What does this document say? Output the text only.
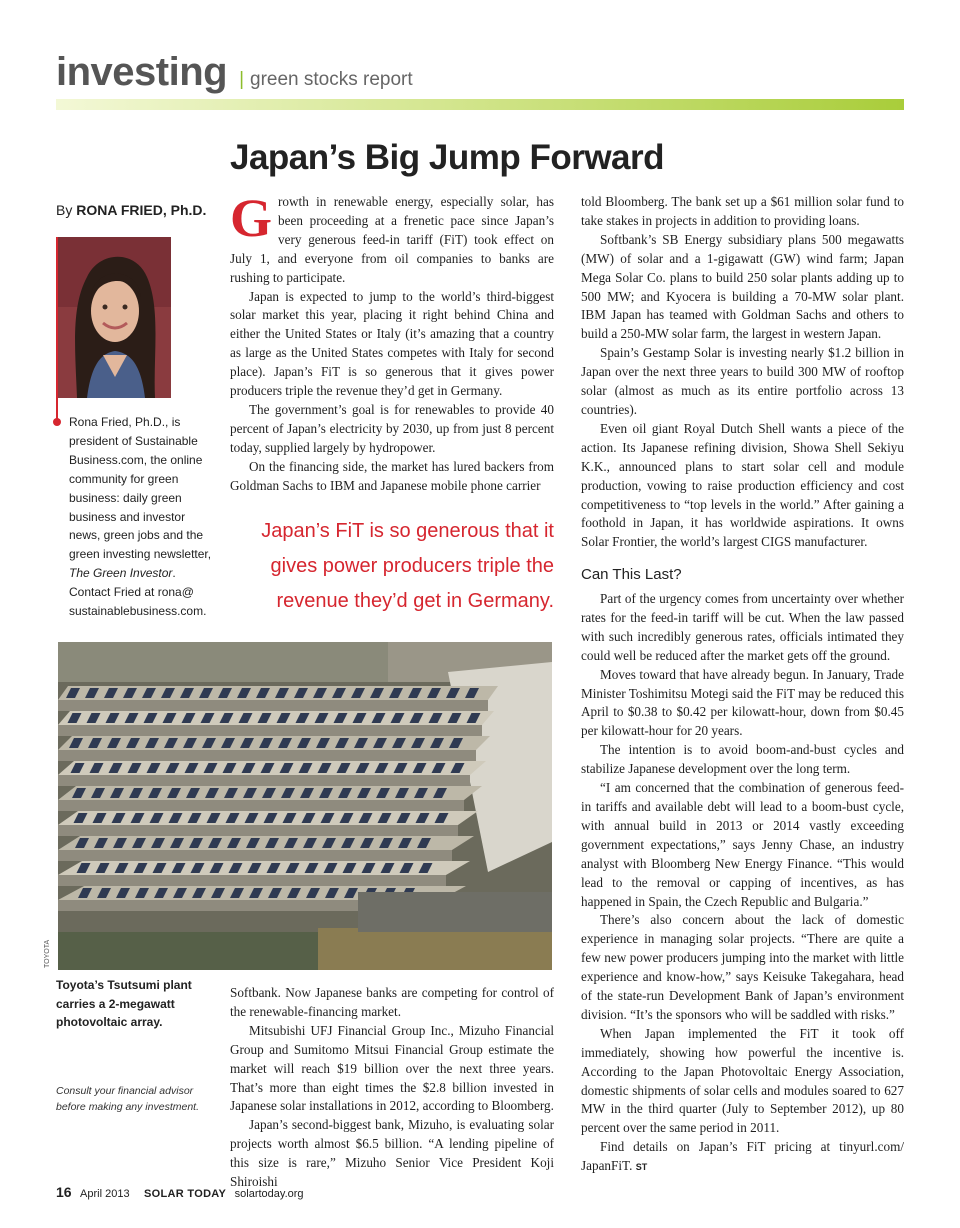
investing | green stocks report
Japan’s Big Jump Forward
By RONA FRIED, Ph.D.

Rona Fried, Ph.D., is president of Sustainable Business.com, the online community for green business: daily green business and investor news, green jobs and the green investing newsletter, The Green Investor. Contact Fried at rona@ sustainablebusiness.com.

Growth in renewable energy, especially solar, has been proceeding at a frenetic pace since Japan’s very generous feed-in tariff (FiT) took effect on July 1, and everyone from oil companies to banks are rushing to participate.

Japan is expected to jump to the world’s third-biggest solar market this year, placing it right behind China and either the United States or Italy (it’s amazing that a country as large as the United States competes with Italy for second place). Japan’s FiT is so generous that it gives power producers triple the revenue they’d get in Germany.

The government’s goal is for renewables to provide 40 percent of Japan’s electricity by 2030, up from just 8 percent today, supplied largely by hydropower.

On the financing side, the market has lured backers from Goldman Sachs to IBM and Japanese mobile phone carrier

Japan’s FiT is so generous that it gives power producers triple the revenue they’d get in Germany.

told Bloomberg. The bank set up a $61 million solar fund to take stakes in projects in addition to providing loans.

Softbank’s SB Energy subsidiary plans 500 megawatts (MW) of solar and a 1-gigawatt (GW) wind farm; Japan Mega Solar Co. plans to build 250 solar plants adding up to 500 MW; and Kyocera is building a 70-MW solar plant. IBM Japan has teamed with Goldman Sachs and others to build a 250-MW solar farm, the largest in western Japan.

Spain’s Gestamp Solar is investing nearly $1.2 billion in Japan over the next three years to build 300 MW of rooftop solar (almost as much as its entire portfolio across 13 countries).

Even oil giant Royal Dutch Shell wants a piece of the action. Its Japanese refining division, Showa Shell Sekiyu K.K., announced plans to start solar cell and module production, vowing to raise production efficiency and cost competitiveness to “top levels in the world.” After gaining a foothold in Japan, it has worldwide aspirations. It owns Solar Frontier, the world’s largest CIGS manufacturer.

Can This Last?

Part of the urgency comes from uncertainty over whether rates for the feed-in tariff will be cut. When the law passed with such incredibly generous rates, officials intimated they could well be reduced after the market gets off the ground.

Moves toward that have already begun. In January, Trade Minister Toshimitsu Motegi said the FiT may be reduced this April to $0.38 to $0.42 per kilowatt-hour, down from $0.45 per kilowatt-hour for 20 years.

The intention is to avoid boom-and-bust cycles and stabilize Japanese development over the long term.

“I am concerned that the combination of generous feed-in tariffs and available debt will lead to a boom-bust cycle, with annual build in 2013 or 2014 vastly exceeding government expectations,” says Jenny Chase, an industry analyst with Bloomberg New Energy Finance. “This would lead to the removal or capping of incentives, as has happened in Spain, the Czech Republic and Bulgaria.”

There’s also concern about the lack of domestic experience in managing solar projects. “There are quite a few new power producers jumping into the market with little experience and know-how,” says Keisuke Takegahara, head of the state-run Development Bank of Japan’s environment division. “It’s the sponsors who will be saddled with risks.”

When Japan implemented the FiT it took off immediately, showing how powerful the incentive is. According to the Japan Photovoltaic Energy Association, domestic shipments of solar cells and modules soared to 627 MW in the third quarter (July to September 2012), up 80 percent over the same period in 2011.

Find details on Japan’s FiT pricing at tinyurl.com/ JapanFiT. ST

TOYOTA
Toyota’s Tsutsumi plant carries a 2-megawatt photovoltaic array.

Softbank. Now Japanese banks are competing for control of the renewable-financing market.

Mitsubishi UFJ Financial Group Inc., Mizuho Financial Group and Sumitomo Mitsui Financial Group estimate the market will reach $19 billion over the next three years. That’s more than eight times the $2.8 billion invested in Japanese solar installations in 2012, according to Bloomberg.

Japan’s second-biggest bank, Mizuho, is evaluating solar projects worth almost $6.5 billion. “A lending pipeline of this size is rare,” Mizuho Senior Vice President Koji Shiroishi

Consult your financial advisor before making any investment.
16 April 2013 SOLAR TODAY solartoday.org
